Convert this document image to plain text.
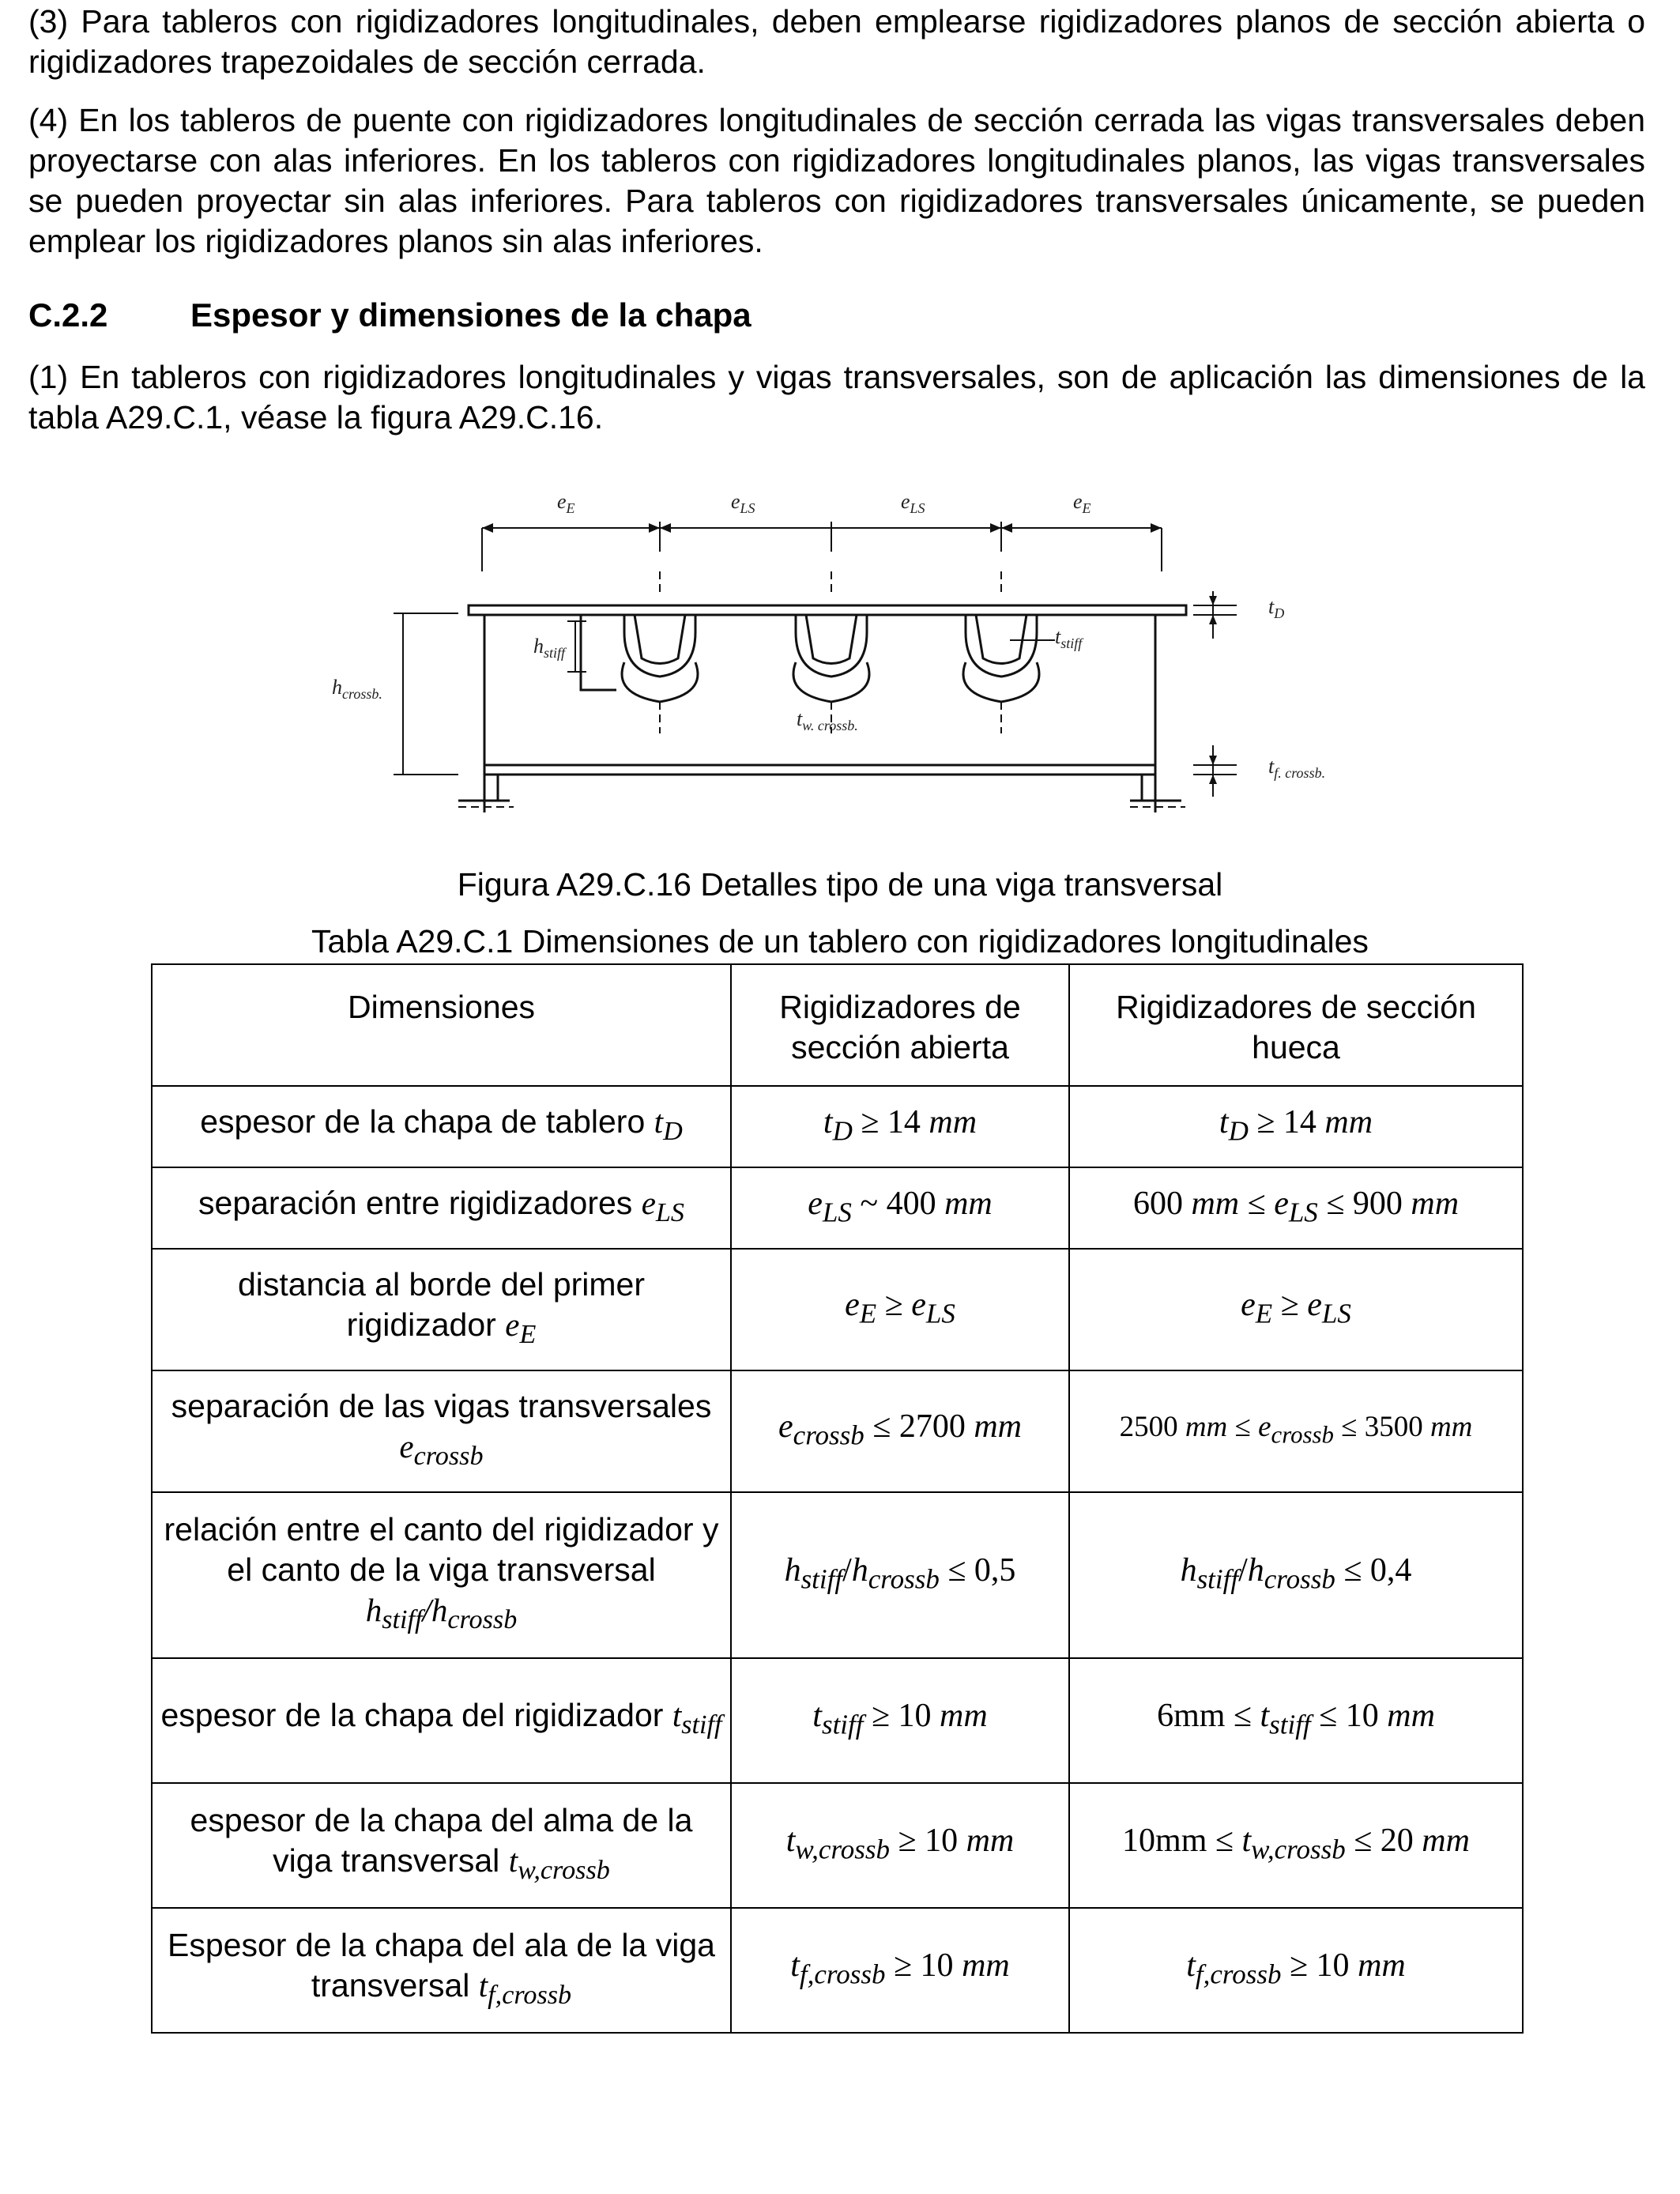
(3) Para tableros con rigidizadores longitudinales, deben emplearse rigidizadores planos de sección abierta o rigidizadores trapezoidales de sección cerrada.

(4) En los tableros de puente con rigidizadores longitudinales de sección cerrada las vigas transversales deben proyectarse con alas inferiores. En los tableros con rigidizadores longitudinales planos, las vigas transversales se pueden proyectar sin alas inferiores. Para tableros con rigidizadores transversales únicamente, se pueden emplear los rigidizadores planos sin alas inferiores.

C.2.2 Espesor y dimensiones de la chapa

(1) En tableros con rigidizadores longitudinales y vigas transversales, son de aplicación las dimensiones de la tabla A29.C.1, véase la figura A29.C.16.

$e_E$	$e_{LS}$	$e_{LS}$	$e_E$
$h_{stiff}$
$h_{crossb.}$
$t_D$
$t_{stiff}$
$t_{w. crossb.}$
$t_{f. crossb.}$

Figura A29.C.16 Detalles tipo de una viga transversal

Tabla A29.C.1 Dimensiones de un tablero con rigidizadores longitudinales

Dimensiones	Rigidizadores de sección abierta	Rigidizadores de sección hueca
espesor de la chapa de tablero $t_D$	$t_D \ge 14$ mm	$t_D \ge 14$ mm
separación entre rigidizadores $e_{LS}$	$e_{LS}$ ~ 400 mm	600 mm ≤ $e_{LS} \le 900$ mm
distancia al borde del primer rigidizador $e_E$	$e_E \ge e_{LS}$	$e_E \ge e_{LS}$
separación de las vigas transversales $e_{crossb}$	$e_{crossb} \le 2700$ mm	2500 mm ≤ $e_{crossb} \le 3500$ mm
relación entre el canto del rigidizador y el canto de la viga transversal $h_{stiff}/h_{crossb}$	$h_{stiff}/h_{crossb} \le 0,5$	$h_{stiff}/h_{crossb} \le 0,4$
espesor de la chapa del rigidizador $t_{stiff}$	$t_{stiff} \ge 10$ mm	$6mm \le t_{stiff} \le 10$ mm
espesor de la chapa del alma de la viga transversal $t_{w,crossb}$	$t_{w,crossb} \ge 10$ mm	$10mm \le t_{w,crossb} \le 20$ mm
Espesor de la chapa del ala de la viga transversal $t_{f,crossb}$	$t_{f,crossb} \ge 10$ mm	$t_{f,crossb} \ge 10$ mm
